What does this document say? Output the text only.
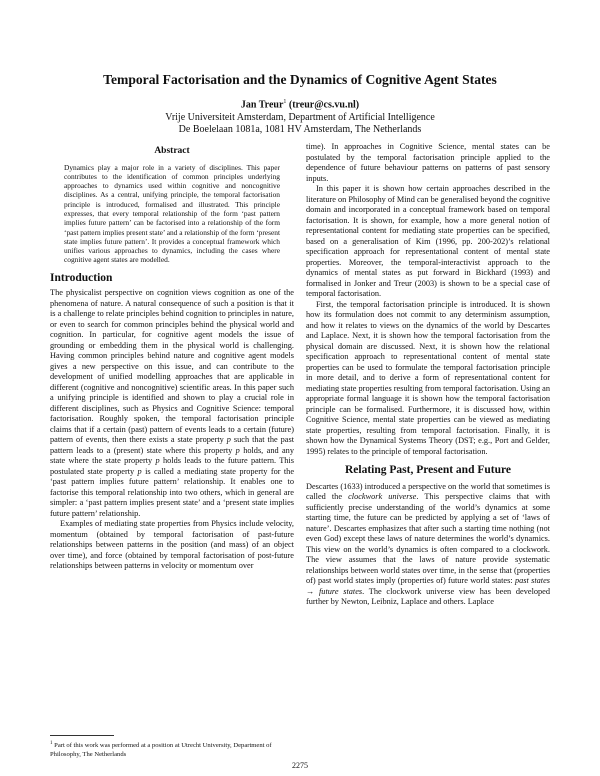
Temporal Factorisation and the Dynamics of Cognitive Agent States
Jan Treur$^1$ (treur@cs.vu.nl)
Vrije Universiteit Amsterdam, Department of Artificial Intelligence
De Boelelaan 1081a, 1081 HV Amsterdam, The Netherlands
Abstract

Dynamics play a major role in a variety of disciplines. This paper contributes to the identification of common principles underlying approaches to dynamics used within cognitive and noncognitive disciplines. As a central, unifying principle, the temporal factorisation principle is introduced, formalised and illustrated. This principle expresses, that every temporal relationship of the form ‘past pattern implies future pattern’ can be factorised into a relationship of the form ‘past pattern implies present state’ and a relationship of the form ‘present state implies future pattern’. It provides a conceptual framework which unifies various approaches to dynamics, including the cases where cognitive agent states are modelled.

Introduction

The physicalist perspective on cognition views cognition as one of the phenomena of nature. A natural consequence of such a position is that it is a challenge to relate principles behind cognition to principles in nature, or even to search for common principles behind the physical world and cognition. In particular, for cognitive agent models the issue of grounding or embedding them in the physical world is challenging. Having common principles behind nature and cognitive agent models gives a new perspective on this issue, and can contribute to the development of unified modelling approaches that are applicable in different (cognitive and noncognitive) scientific areas. In this paper such a unifying principle is identified and shown to play a crucial role in different disciplines, such as Physics and Cognitive Science: temporal factorisation. Roughly spoken, the temporal factorisation principle claims that if a certain (past) pattern of events leads to a certain (future) pattern of events, then there exists a state property p such that the past pattern leads to a (present) state where this property p holds, and any state where the state property p holds leads to the future pattern. This postulated state property p is called a mediating state property for the ‘past pattern implies future pattern’ relationship. It enables one to factorise this temporal relationship into two others, which in general are simpler: a ‘past pattern implies present state’ and a ‘present state implies future pattern’ relationship.

Examples of mediating state properties from Physics include velocity, momentum (obtained by temporal factorisation of past-future relationships between patterns in the position (and mass) of an object over time), and force (obtained by temporal factorisation of post-future relationships between patterns in velocity or momentum over

time). In approaches in Cognitive Science, mental states can be postulated by the temporal factorisation principle applied to the dependence of future behaviour patterns on patterns of past sensory inputs.

In this paper it is shown how certain approaches described in the literature on Philosophy of Mind can be generalised beyond the cognitive domain and incorporated in a conceptual framework based on temporal factorisation. It is shown, for example, how a more general notion of representational content for mediating state properties can be specified, based on a generalisation of Kim (1996, pp. 200-202)’s relational specification approach for representational content of mental state properties. Moreover, the temporal-interactivist approach to the dynamics of mental states as put forward in Bickhard (1993) and formalised in Jonker and Treur (2003) is shown to be a special case of temporal factorisation.

First, the temporal factorisation principle is introduced. It is shown how its formulation does not commit to any determinism assumption, and how it relates to views on the dynamics of the world by Descartes and Laplace. Next, it is shown how the temporal factorisation from the physical domain are discussed. Next, it is shown how the relational specification approach to representational content of mental state properties can be used to formulate the temporal factorisation principle in more detail, and to derive a form of representational content for mediating state properties resulting from temporal factorisation. Using an appropriate formal language it is shown how the temporal factorisation principle can be formalised. Furthermore, it is discussed how, within Cognitive Science, mental state properties can be viewed as mediating state properties, resulting from temporal factorisation. Finally, it is shown how the Dynamical Systems Theory (DST; e.g., Port and Gelder, 1995) relates to the principle of temporal factorisation.

Relating Past, Present and Future

Descartes (1633) introduced a perspective on the world that sometimes is called the clockwork universe. This perspective claims that with sufficiently precise understanding of the world’s dynamics at some starting time, the future can be predicted by applying a set of ‘laws of nature’. Descartes emphasizes that after such a starting time nothing (not even God) except these laws of nature determines the world’s dynamics. This view on the world’s dynamics is often compared to a clockwork. The view assumes that the laws of nature provide systematic relationships between world states over time, in the sense that (properties of) past world states imply (properties of) future world states: past states → future states. The clockwork universe view has been developed further by Newton, Leibniz, Laplace and others. Laplace

$^1$ Part of this work was performed at a position at Utrecht University, Department of Philosophy, The Netherlands
2275
